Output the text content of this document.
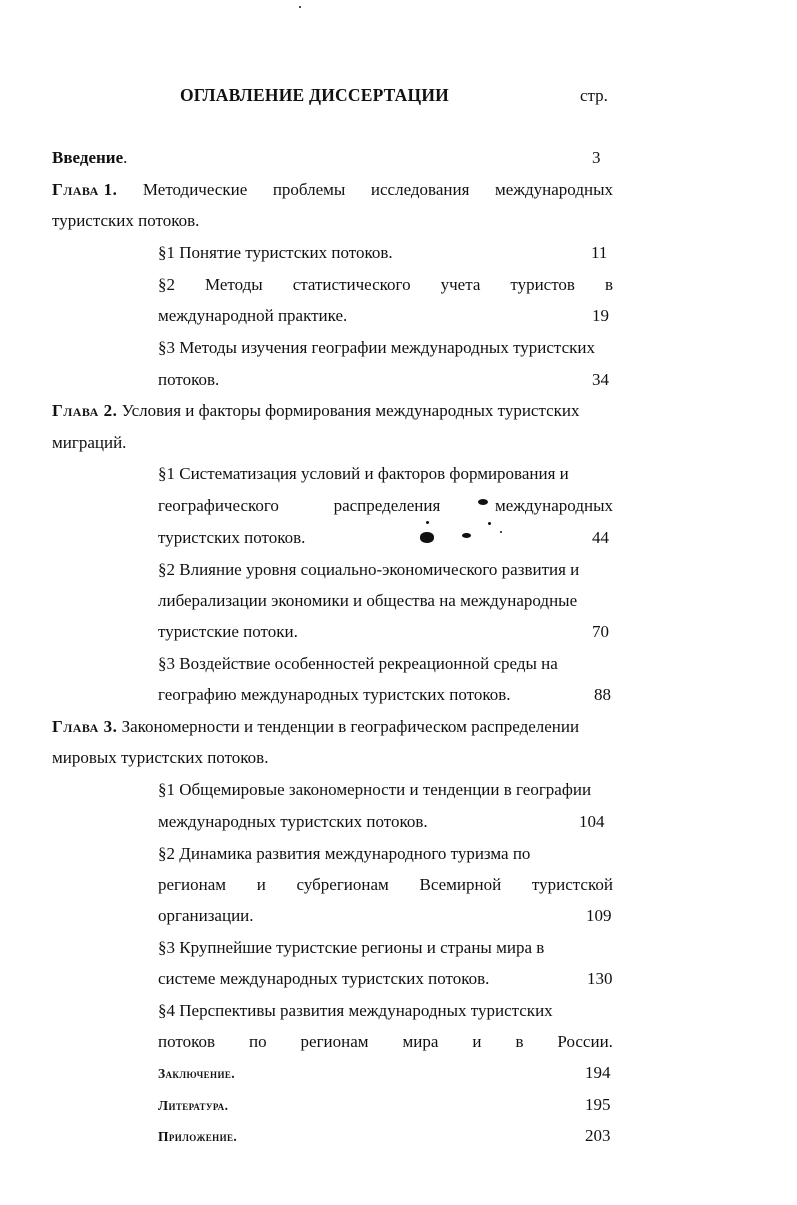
ОГЛАВЛЕНИЕ ДИССЕРТАЦИИ	стр.
Введение.	3
Глава 1. Методические проблемы исследования международных
туристских потоков.
§1 Понятие туристских потоков.	11
§2 Методы статистического учета туристов в
международной практике.	19
§3 Методы изучения географии международных туристских
потоков.	34
Глава 2. Условия и факторы формирования международных туристских
миграций.
§1 Систематизация условий и факторов формирования и
географического	распределения	международных
туристских потоков.	44
§2 Влияние уровня социально-экономического развития и
либерализации экономики и общества на международные
туристские потоки.	70
§3 Воздействие особенностей рекреационной среды на
географию международных туристских потоков.	88
Глава 3. Закономерности и тенденции в географическом распределении
мировых туристских потоков.
§1 Общемировые закономерности и тенденции в географии
международных туристских потоков.	104
§2 Динамика развития международного туризма по
регионам и субрегионам Всемирной туристской
организации.	109
§3 Крупнейшие туристские регионы и страны мира в
системе международных туристских потоков.	130
§4 Перспективы развития международных туристских
потоков по регионам мира и в России.
Заключение.	194
Литература.	195
Приложение.	203
